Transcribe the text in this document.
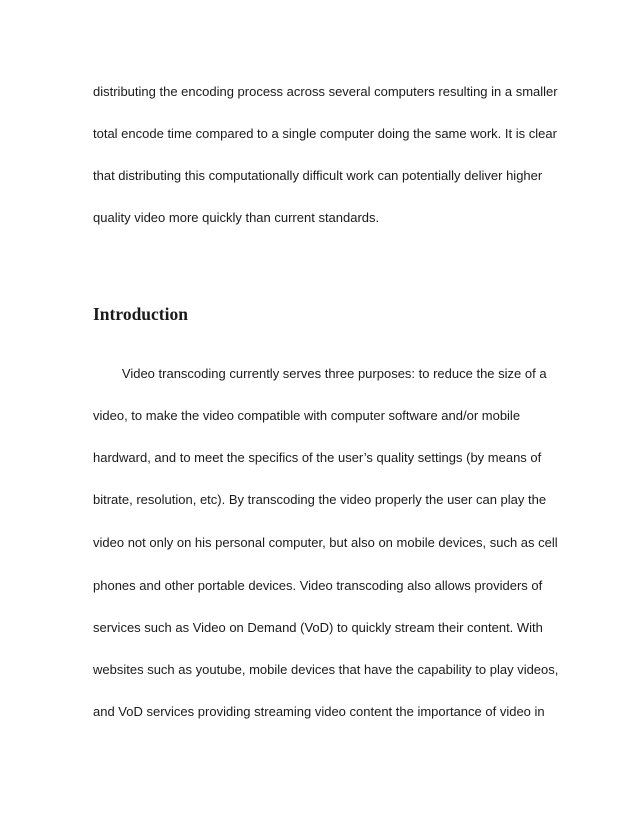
distributing the encoding process across several computers resulting in a smaller
total encode time compared to a single computer doing the same work. It is clear
that distributing this computationally difficult work can potentially deliver higher
quality video more quickly than current standards.
Introduction
Video transcoding currently serves three purposes: to reduce the size of a
video, to make the video compatible with computer software and/or mobile
hardward, and to meet the specifics of the user’s quality settings (by means of
bitrate, resolution, etc). By transcoding the video properly the user can play the
video not only on his personal computer, but also on mobile devices, such as cell
phones and other portable devices. Video transcoding also allows providers of
services such as Video on Demand (VoD) to quickly stream their content. With
websites such as youtube, mobile devices that have the capability to play videos,
and VoD services providing streaming video content the importance of video in
